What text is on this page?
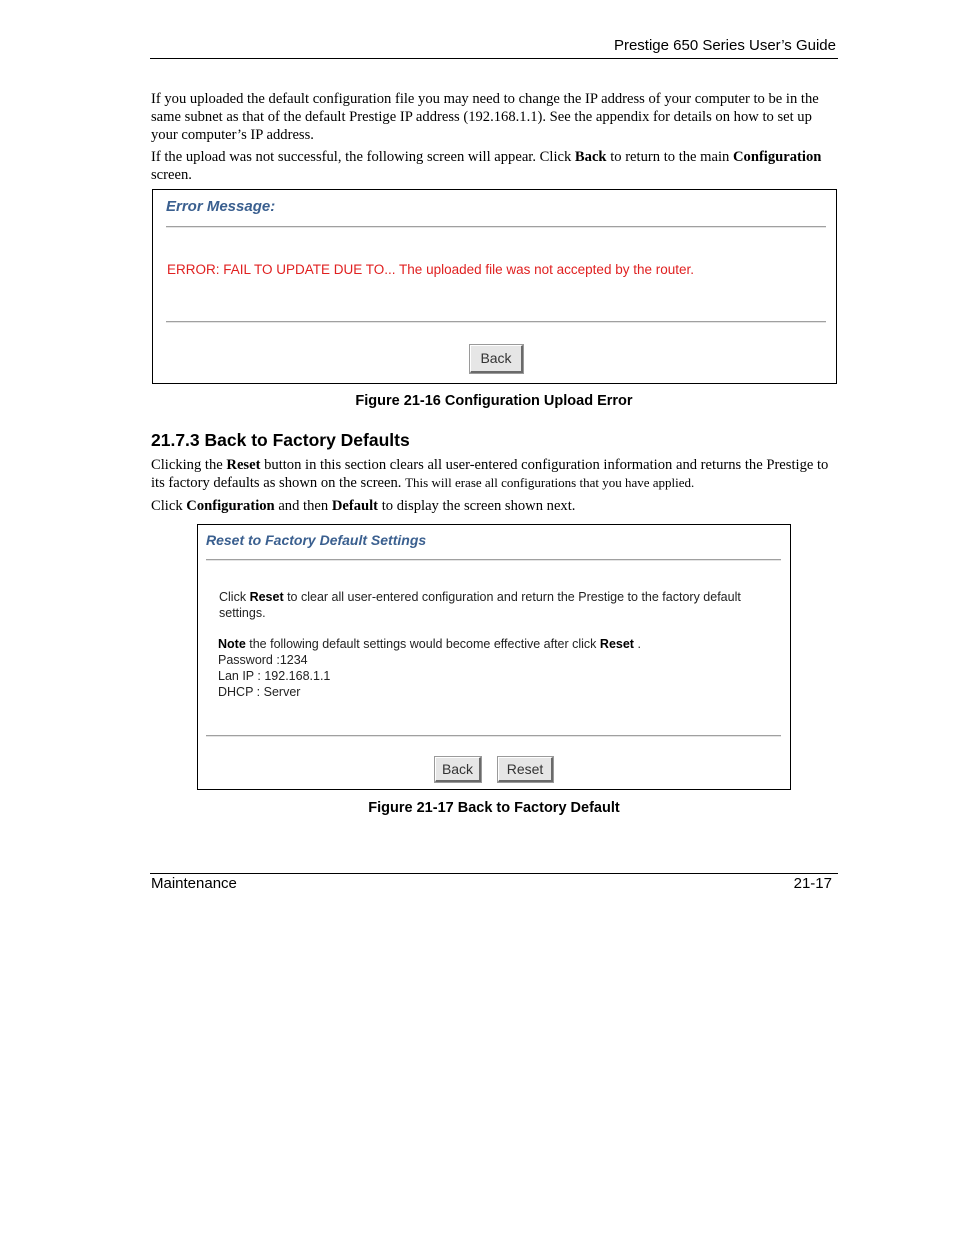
Prestige 650 Series User’s Guide
If you uploaded the default configuration file you may need to change the IP address of your computer to be in the same subnet as that of the default Prestige IP address (192.168.1.1). See the appendix for details on how to set up your computer’s IP address.
If the upload was not successful, the following screen will appear. Click Back to return to the main Configuration screen.
Error Message:
ERROR: FAIL TO UPDATE DUE TO... The uploaded file was not accepted by the router.
Back
Figure 21-16 Configuration Upload Error
21.7.3 Back to Factory Defaults
Clicking the Reset button in this section clears all user-entered configuration information and returns the Prestige to its factory defaults as shown on the screen. This will erase all configurations that you have applied.
Click Configuration and then Default to display the screen shown next.
Reset to Factory Default Settings
Click Reset to clear all user-entered configuration and return the Prestige to the factory default settings.
Note the following default settings would become effective after click Reset .
Password :1234
Lan IP : 192.168.1.1
DHCP : Server
Back	Reset
Figure 21-17 Back to Factory Default
Maintenance	21-17
